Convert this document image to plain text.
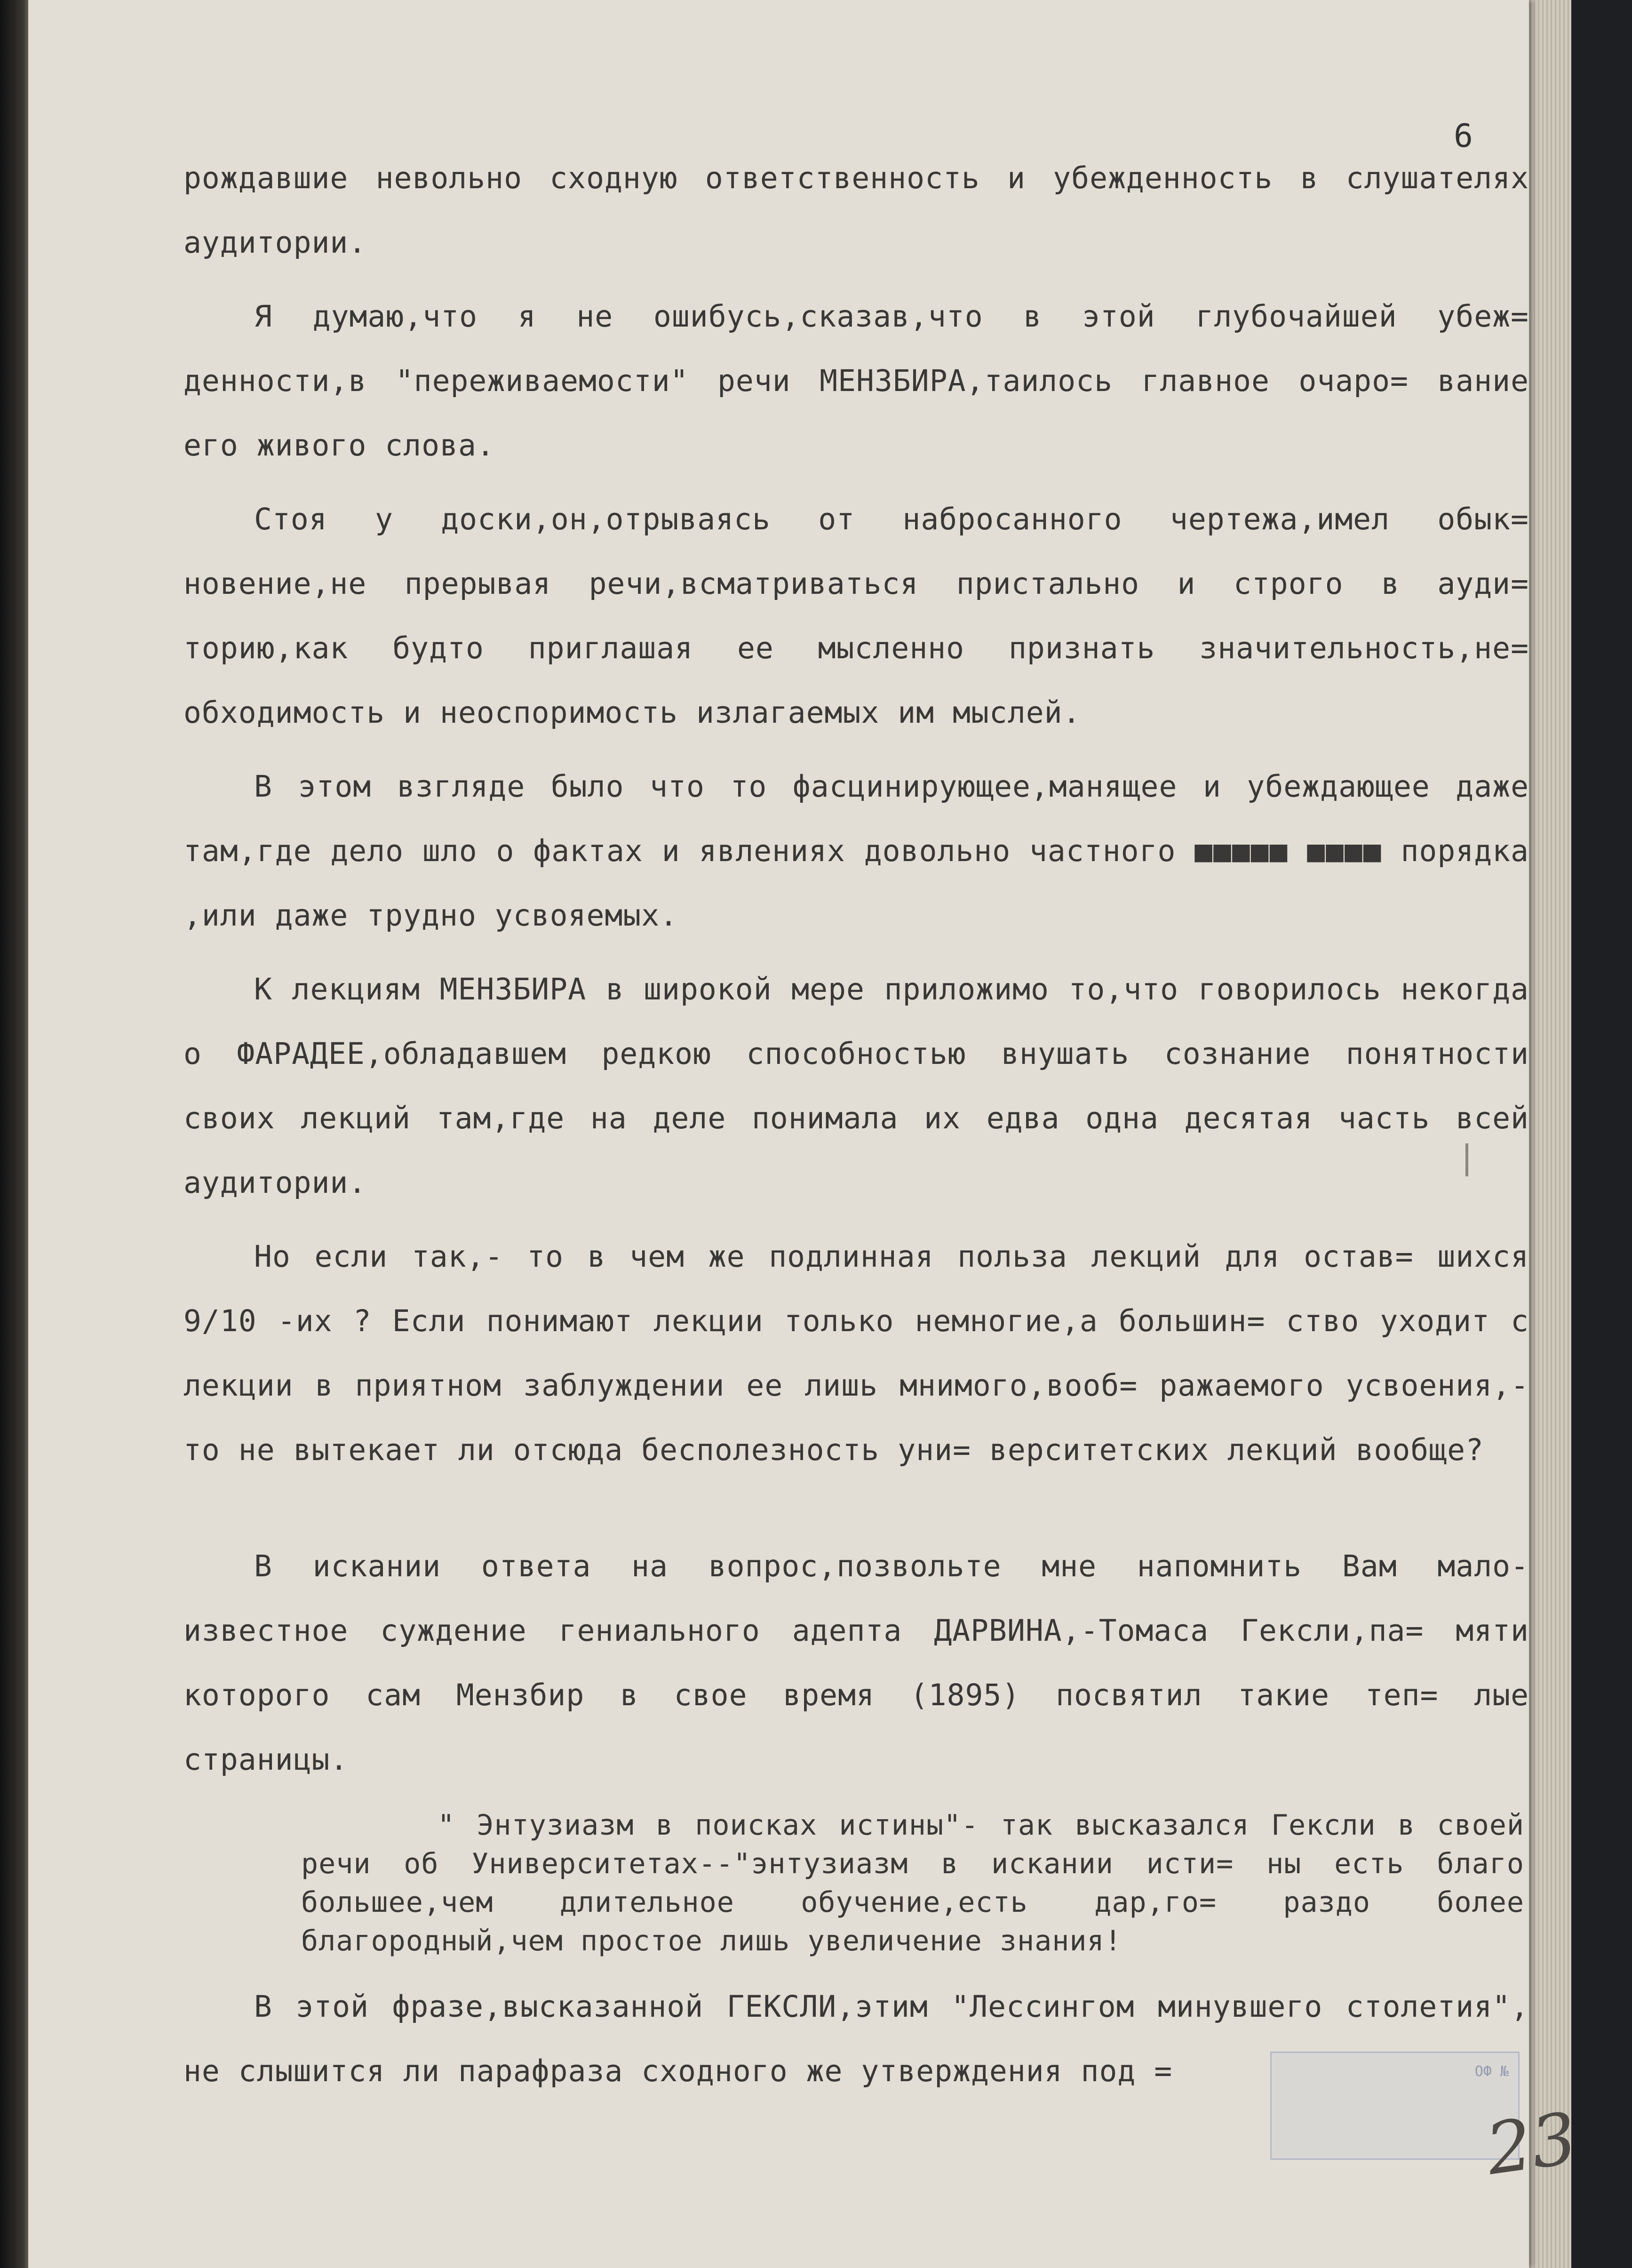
6

рождавшие невольно сходную ответственность и убежденность в слушателях аудитории.

Я думаю,что я не ошибусь,сказав,что в этой глубочайшей убеж= денности,в "переживаемости" речи МЕНЗБИРА,таилось главное очаро= вание его живого слова.

Стоя у доски,он,отрываясь от набросанного чертежа,имел обык= новение,не прерывая речи,всматриваться пристально и строго в ауди= торию,как будто приглашая ее мысленно признать значительность,не= обходимость и неоспоримость излагаемых им мыслей.

В этом взгляде было что то фасцинирующее,манящее и убеждающее даже там,где дело шло о фактах и явлениях довольно частного ■■■■■ ■■■■ порядка ,или даже трудно усвояемых.

К лекциям МЕНЗБИРА в широкой мере приложимо то,что говорилось некогда о ФАРАДЕЕ,обладавшем редкою способностью внушать сознание понятности своих лекций там,где на деле понимала их едва одна десятая часть всей аудитории.

Но если так,- то в чем же подлинная польза лекций для остав= шихся 9/10 -их ? Если понимают лекции только немногие,а большин= ство уходит с лекции в приятном заблуждении ее лишь мнимого,вооб= ражаемого усвоения,-то не вытекает ли отсюда бесполезность уни= верситетских лекций вообще?

В искании ответа на вопрос,позвольте мне напомнить Вам мало- известное суждение гениального адепта ДАРВИНА,-Томаса Гексли,па= мяти которого сам Мензбир в свое время (1895) посвятил такие теп= лые страницы.

" Энтузиазм в поисках истины"- так высказался Гексли в своей речи об Университетах--"энтузиазм в искании исти= ны есть благо большее,чем длительное обучение,есть дар,го= раздо более благородный,чем простое лишь увеличение знания!

В этой фразе,высказанной ГЕКСЛИ,этим "Лессингом минувшего столетия", не слышится ли парафраза сходного же утверждения под =	ОФ №
23
